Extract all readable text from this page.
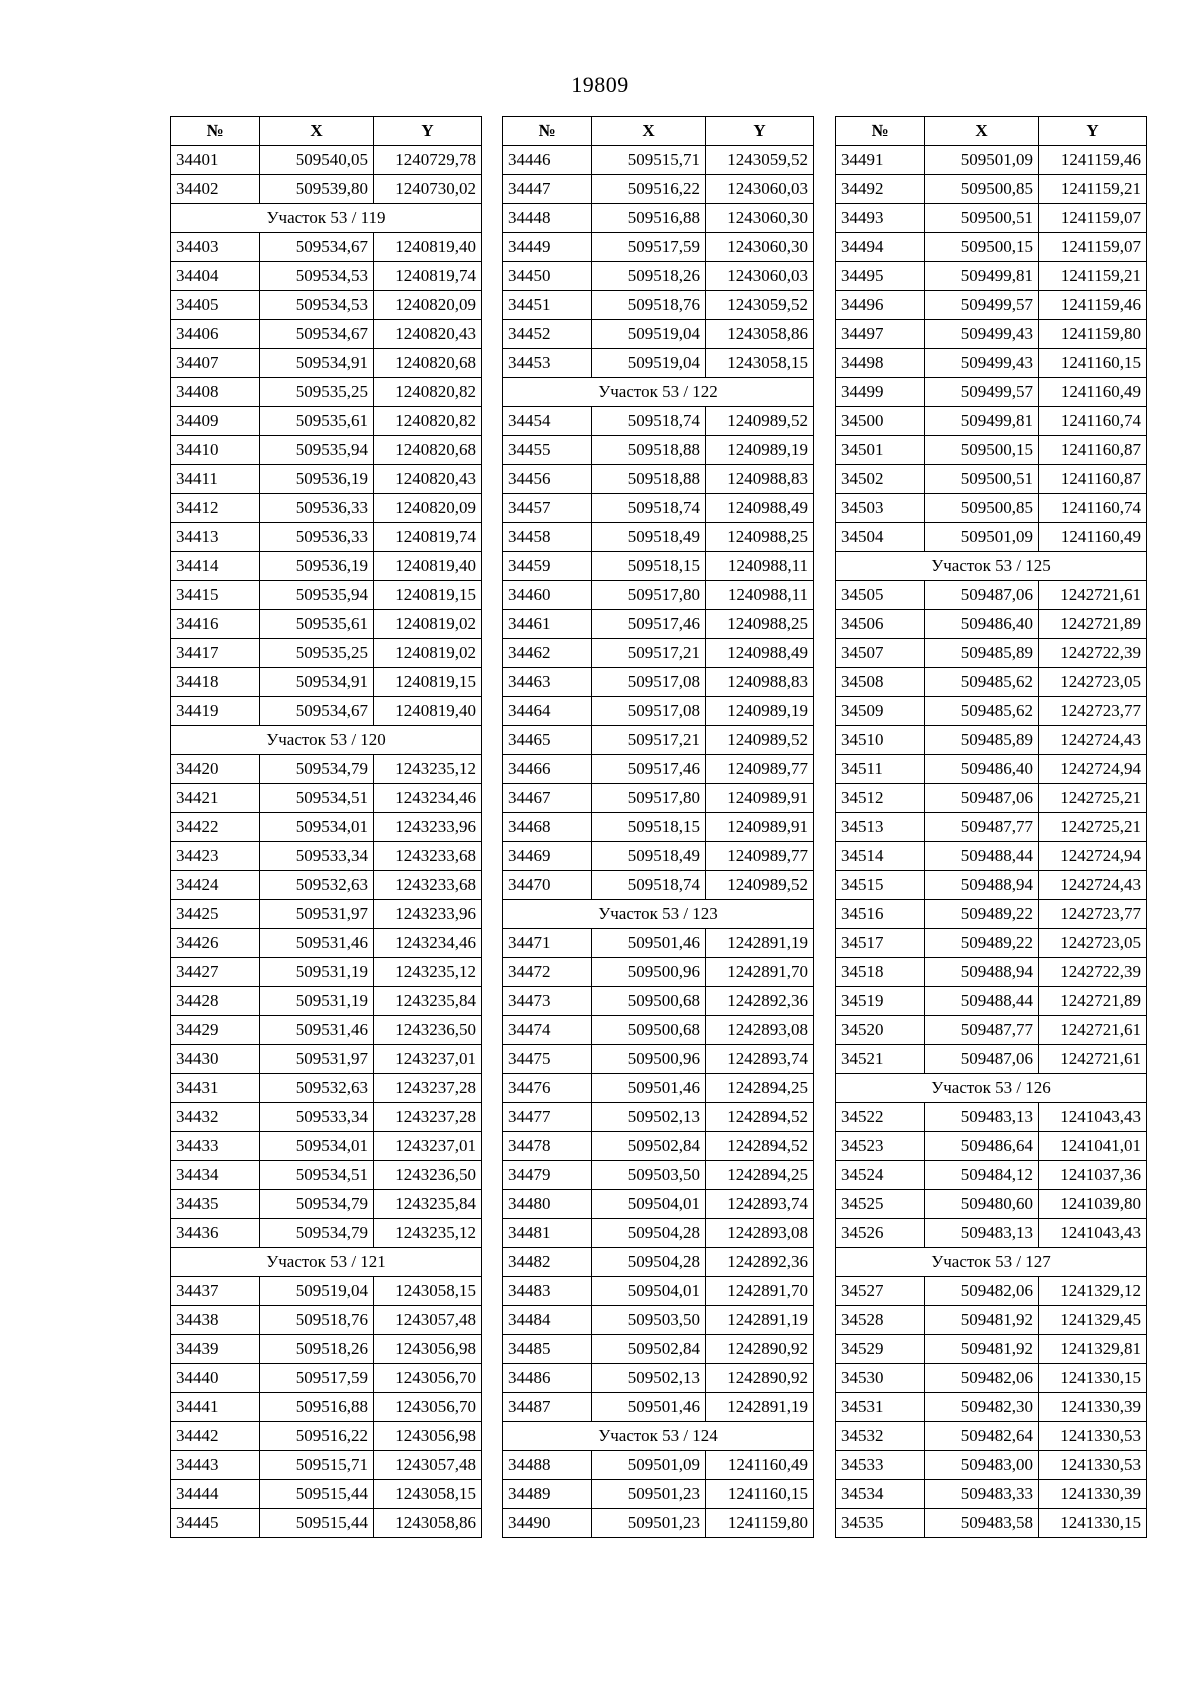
19809
№	X	Y
34401	509540,05	1240729,78
34402	509539,80	1240730,02
Участок 53 / 119		
34403	509534,67	1240819,40
34404	509534,53	1240819,74
34405	509534,53	1240820,09
34406	509534,67	1240820,43
34407	509534,91	1240820,68
34408	509535,25	1240820,82
34409	509535,61	1240820,82
34410	509535,94	1240820,68
34411	509536,19	1240820,43
34412	509536,33	1240820,09
34413	509536,33	1240819,74
34414	509536,19	1240819,40
34415	509535,94	1240819,15
34416	509535,61	1240819,02
34417	509535,25	1240819,02
34418	509534,91	1240819,15
34419	509534,67	1240819,40
Участок 53 / 120		
34420	509534,79	1243235,12
34421	509534,51	1243234,46
34422	509534,01	1243233,96
34423	509533,34	1243233,68
34424	509532,63	1243233,68
34425	509531,97	1243233,96
34426	509531,46	1243234,46
34427	509531,19	1243235,12
34428	509531,19	1243235,84
34429	509531,46	1243236,50
34430	509531,97	1243237,01
34431	509532,63	1243237,28
34432	509533,34	1243237,28
34433	509534,01	1243237,01
34434	509534,51	1243236,50
34435	509534,79	1243235,84
34436	509534,79	1243235,12
Участок 53 / 121		
34437	509519,04	1243058,15
34438	509518,76	1243057,48
34439	509518,26	1243056,98
34440	509517,59	1243056,70
34441	509516,88	1243056,70
34442	509516,22	1243056,98
34443	509515,71	1243057,48
34444	509515,44	1243058,15
34445	509515,44	1243058,86
№	X	Y
34446	509515,71	1243059,52
34447	509516,22	1243060,03
34448	509516,88	1243060,30
34449	509517,59	1243060,30
34450	509518,26	1243060,03
34451	509518,76	1243059,52
34452	509519,04	1243058,86
34453	509519,04	1243058,15
Участок 53 / 122		
34454	509518,74	1240989,52
34455	509518,88	1240989,19
34456	509518,88	1240988,83
34457	509518,74	1240988,49
34458	509518,49	1240988,25
34459	509518,15	1240988,11
34460	509517,80	1240988,11
34461	509517,46	1240988,25
34462	509517,21	1240988,49
34463	509517,08	1240988,83
34464	509517,08	1240989,19
34465	509517,21	1240989,52
34466	509517,46	1240989,77
34467	509517,80	1240989,91
34468	509518,15	1240989,91
34469	509518,49	1240989,77
34470	509518,74	1240989,52
Участок 53 / 123		
34471	509501,46	1242891,19
34472	509500,96	1242891,70
34473	509500,68	1242892,36
34474	509500,68	1242893,08
34475	509500,96	1242893,74
34476	509501,46	1242894,25
34477	509502,13	1242894,52
34478	509502,84	1242894,52
34479	509503,50	1242894,25
34480	509504,01	1242893,74
34481	509504,28	1242893,08
34482	509504,28	1242892,36
34483	509504,01	1242891,70
34484	509503,50	1242891,19
34485	509502,84	1242890,92
34486	509502,13	1242890,92
34487	509501,46	1242891,19
Участок 53 / 124		
34488	509501,09	1241160,49
34489	509501,23	1241160,15
34490	509501,23	1241159,80
№	X	Y
34491	509501,09	1241159,46
34492	509500,85	1241159,21
34493	509500,51	1241159,07
34494	509500,15	1241159,07
34495	509499,81	1241159,21
34496	509499,57	1241159,46
34497	509499,43	1241159,80
34498	509499,43	1241160,15
34499	509499,57	1241160,49
34500	509499,81	1241160,74
34501	509500,15	1241160,87
34502	509500,51	1241160,87
34503	509500,85	1241160,74
34504	509501,09	1241160,49
Участок 53 / 125		
34505	509487,06	1242721,61
34506	509486,40	1242721,89
34507	509485,89	1242722,39
34508	509485,62	1242723,05
34509	509485,62	1242723,77
34510	509485,89	1242724,43
34511	509486,40	1242724,94
34512	509487,06	1242725,21
34513	509487,77	1242725,21
34514	509488,44	1242724,94
34515	509488,94	1242724,43
34516	509489,22	1242723,77
34517	509489,22	1242723,05
34518	509488,94	1242722,39
34519	509488,44	1242721,89
34520	509487,77	1242721,61
34521	509487,06	1242721,61
Участок 53 / 126		
34522	509483,13	1241043,43
34523	509486,64	1241041,01
34524	509484,12	1241037,36
34525	509480,60	1241039,80
34526	509483,13	1241043,43
Участок 53 / 127		
34527	509482,06	1241329,12
34528	509481,92	1241329,45
34529	509481,92	1241329,81
34530	509482,06	1241330,15
34531	509482,30	1241330,39
34532	509482,64	1241330,53
34533	509483,00	1241330,53
34534	509483,33	1241330,39
34535	509483,58	1241330,15
